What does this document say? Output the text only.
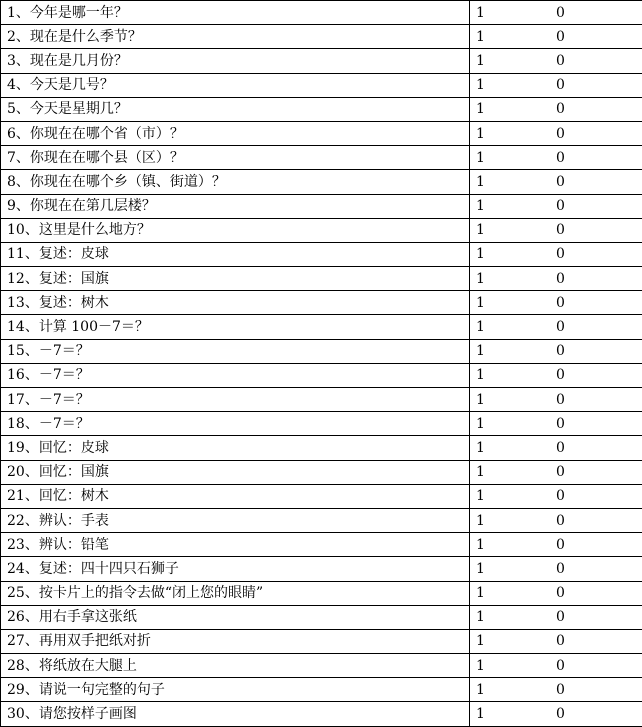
1、今年是哪一年？	1 0
2、现在是什么季节？	1 0
3、现在是几月份？	1 0
4、今天是几号？	1 0
5、今天是星期几？	1 0
6、你现在在哪个省（市）？	1 0
7、你现在在哪个县（区）？	1 0
8、你现在在哪个乡（镇、街道）？	1 0
9、你现在在第几层楼？	1 0
10、这里是什么地方？	1 0
11、复述：皮球	1 0
12、复述：国旗	1 0
13、复述：树木	1 0
14、计算 100－7＝？	1 0
15、－7＝？	1 0
16、－7＝？	1 0
17、－7＝？	1 0
18、－7＝？	1 0
19、回忆：皮球	1 0
20、回忆：国旗	1 0
21、回忆：树木	1 0
22、辨认：手表	1 0
23、辨认：铅笔	1 0
24、复述：四十四只石狮子	1 0
25、按卡片上的指令去做“闭上您的眼睛”	1 0
26、用右手拿这张纸	1 0
27、再用双手把纸对折	1 0
28、将纸放在大腿上	1 0
29、请说一句完整的句子	1 0
30、请您按样子画图	1 0
